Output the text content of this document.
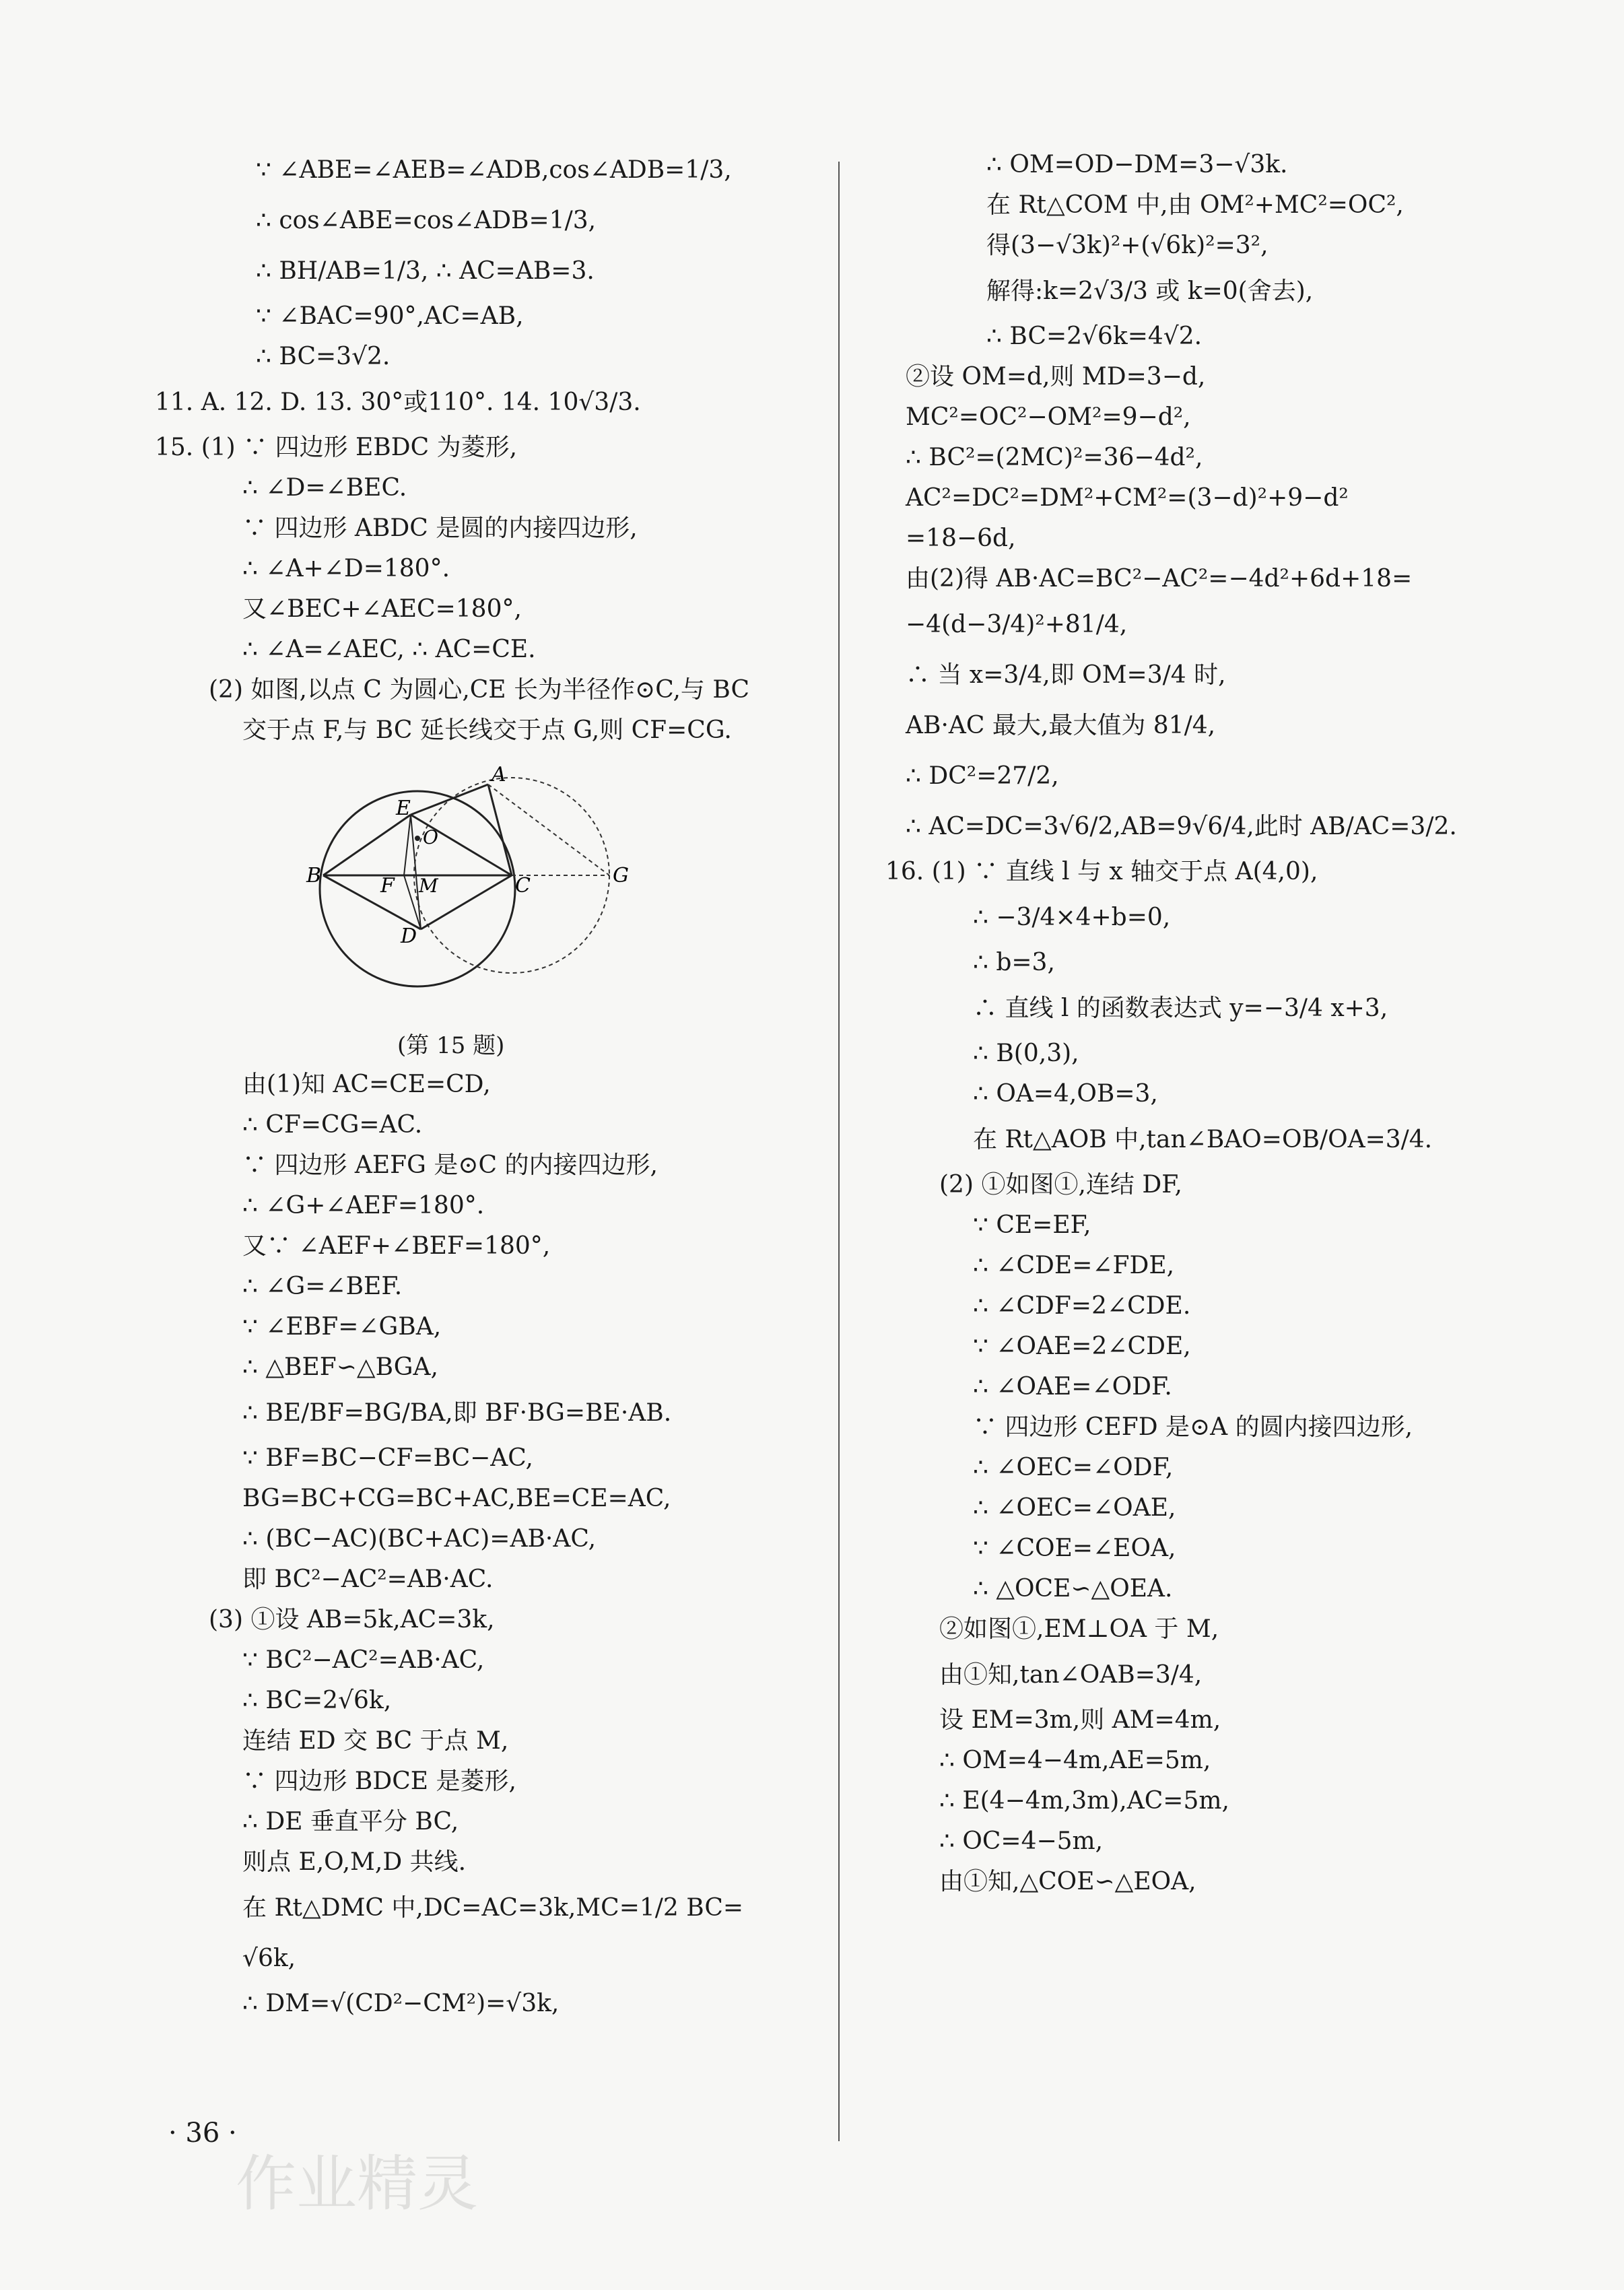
∵ ∠ABE=∠AEB=∠ADB,cos∠ADB=1/3,
∴ cos∠ABE=cos∠ADB=1/3,
∴ BH/AB=1/3, ∴ AC=AB=3.
∵ ∠BAC=90°,AC=AB,
∴ BC=3√2.
11. A. 12. D. 13. 30°或110°. 14. 10√3/3.
15. (1) ∵ 四边形 EBDC 为菱形,
∴ ∠D=∠BEC.
∵ 四边形 ABDC 是圆的内接四边形,
∴ ∠A+∠D=180°.
又∠BEC+∠AEC=180°,
∴ ∠A=∠AEC, ∴ AC=CE.
(2) 如图,以点 C 为圆心,CE 长为半径作⊙C,与 BC
交于点 F,与 BC 延长线交于点 G,则 CF=CG.
A
B	C
D
E
F	G
M
O
(第 15 题)
由(1)知 AC=CE=CD,
∴ CF=CG=AC.
∵ 四边形 AEFG 是⊙C 的内接四边形,
∴ ∠G+∠AEF=180°.
又∵ ∠AEF+∠BEF=180°,
∴ ∠G=∠BEF.
∵ ∠EBF=∠GBA,
∴ △BEF∽△BGA,
∴ BE/BF=BG/BA,即 BF·BG=BE·AB.
∵ BF=BC−CF=BC−AC,
BG=BC+CG=BC+AC,BE=CE=AC,
∴ (BC−AC)(BC+AC)=AB·AC,
即 BC²−AC²=AB·AC.
(3) ①设 AB=5k,AC=3k,
∵ BC²−AC²=AB·AC,
∴ BC=2√6k,
连结 ED 交 BC 于点 M,
∵ 四边形 BDCE 是菱形,
∴ DE 垂直平分 BC,
则点 E,O,M,D 共线.
在 Rt△DMC 中,DC=AC=3k,MC=1/2 BC=
√6k,
∴ DM=√(CD²−CM²)=√3k,
∴ OM=OD−DM=3−√3k.
在 Rt△COM 中,由 OM²+MC²=OC²,
得(3−√3k)²+(√6k)²=3²,
解得:k=2√3/3 或 k=0(舍去),
∴ BC=2√6k=4√2.
②设 OM=d,则 MD=3−d,
MC²=OC²−OM²=9−d²,
∴ BC²=(2MC)²=36−4d²,
AC²=DC²=DM²+CM²=(3−d)²+9−d²
=18−6d,
由(2)得 AB·AC=BC²−AC²=−4d²+6d+18=
−4(d−3/4)²+81/4,
∴ 当 x=3/4,即 OM=3/4 时,
AB·AC 最大,最大值为 81/4,
∴ DC²=27/2,
∴ AC=DC=3√6/2,AB=9√6/4,此时 AB/AC=3/2.
16. (1) ∵ 直线 l 与 x 轴交于点 A(4,0),
∴ −3/4×4+b=0,
∴ b=3,
∴ 直线 l 的函数表达式 y=−3/4 x+3,
∴ B(0,3),
∴ OA=4,OB=3,
在 Rt△AOB 中,tan∠BAO=OB/OA=3/4.
(2) ①如图①,连结 DF,
∵ CE=EF,
∴ ∠CDE=∠FDE,
∴ ∠CDF=2∠CDE.
∵ ∠OAE=2∠CDE,
∴ ∠OAE=∠ODF.
∵ 四边形 CEFD 是⊙A 的圆内接四边形,
∴ ∠OEC=∠ODF,
∴ ∠OEC=∠OAE,
∵ ∠COE=∠EOA,
∴ △OCE∽△OEA.
②如图①,EM⊥OA 于 M,
由①知,tan∠OAB=3/4,
设 EM=3m,则 AM=4m,
∴ OM=4−4m,AE=5m,
∴ E(4−4m,3m),AC=5m,
∴ OC=4−5m,
由①知,△COE∽△EOA,
· 36 ·
作业精灵
